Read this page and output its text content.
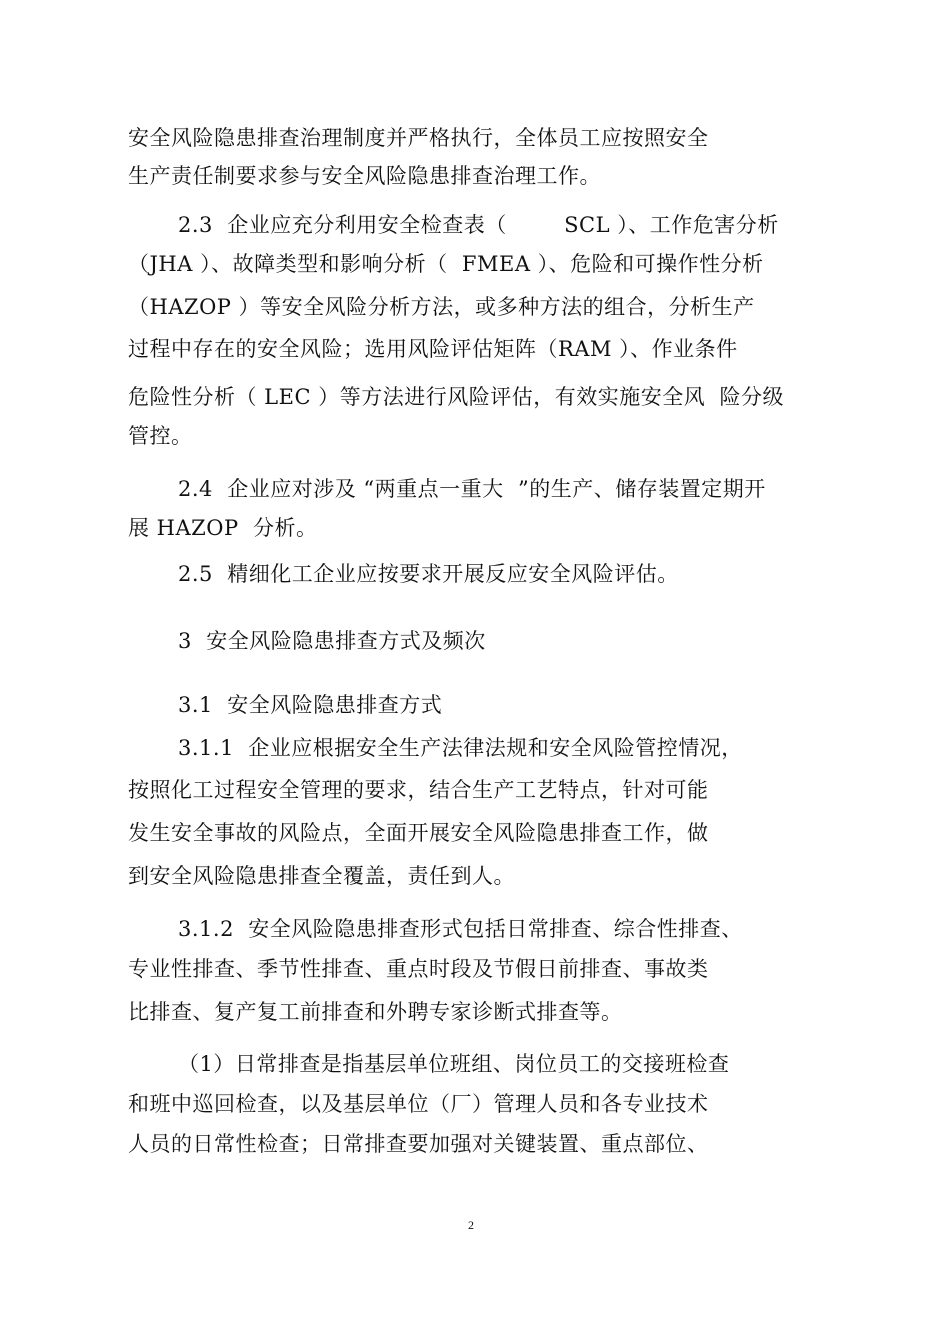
安全风险隐患排查治理制度并严格执行，全体员工应按照安全
生产责任制要求参与安全风险隐患排查治理工作。
2.3  企业应充分利用安全检查表（        SCL ）、工作危害分析
（JHA ）、故障类型和影响分析（  FMEA ）、危险和可操作性分析
（HAZOP ）等安全风险分析方法，或多种方法的组合，分析生产
过程中存在的安全风险；选用风险评估矩阵（RAM ）、作业条件
危险性分析（ LEC ）等方法进行风险评估，有效实施安全风  险分级
管控。
2.4  企业应对涉及 “两重点一重大  ”的生产、储存装置定期开
展 HAZOP  分析。
2.5  精细化工企业应按要求开展反应安全风险评估。
3  安全风险隐患排查方式及频次
3.1  安全风险隐患排查方式
3.1.1  企业应根据安全生产法律法规和安全风险管控情况，
按照化工过程安全管理的要求，结合生产工艺特点，针对可能
发生安全事故的风险点，全面开展安全风险隐患排查工作，做
到安全风险隐患排查全覆盖，责任到人。
3.1.2  安全风险隐患排查形式包括日常排查、综合性排查、
专业性排查、季节性排查、重点时段及节假日前排查、事故类
比排查、复产复工前排查和外聘专家诊断式排查等。
（1）日常排查是指基层单位班组、岗位员工的交接班检查
和班中巡回检查，以及基层单位（厂）管理人员和各专业技术
人员的日常性检查；日常排查要加强对关键装置、重点部位、
2
